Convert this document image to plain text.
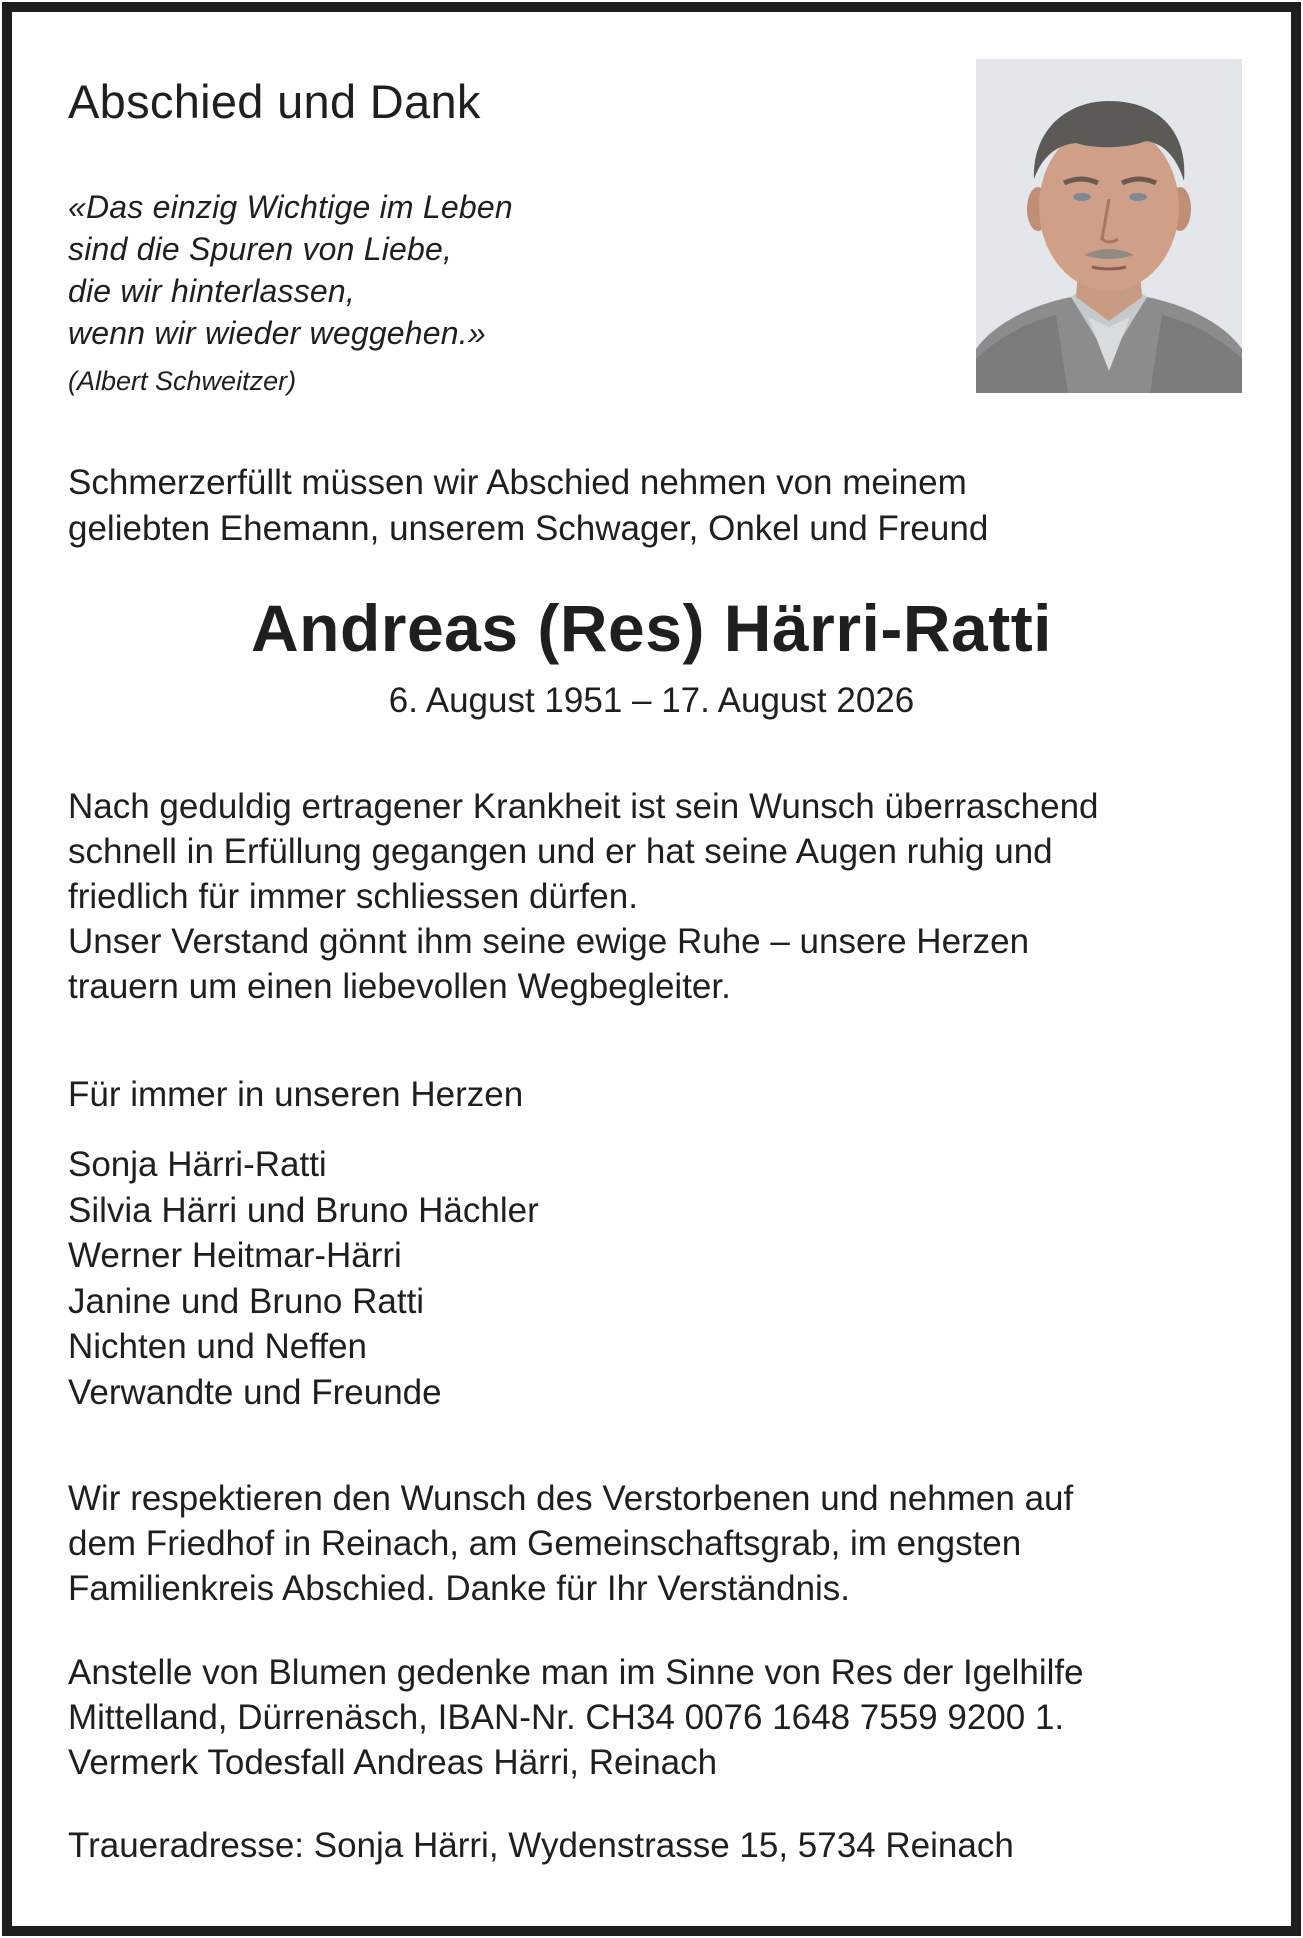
Abschied und Dank
«Das einzig Wichtige im Leben
sind die Spuren von Liebe,
die wir hinterlassen,
wenn wir wieder weggehen.»
(Albert Schweitzer)
Schmerzerfüllt müssen wir Abschied nehmen von meinem
geliebten Ehemann, unserem Schwager, Onkel und Freund
Andreas (Res) Härri-Ratti
6. August 1951 – 17. August 2026
Nach geduldig ertragener Krankheit ist sein Wunsch überraschend
schnell in Erfüllung gegangen und er hat seine Augen ruhig und
friedlich für immer schliessen dürfen.
Unser Verstand gönnt ihm seine ewige Ruhe – unsere Herzen
trauern um einen liebevollen Wegbegleiter.
Für immer in unseren Herzen
Sonja Härri-Ratti
Silvia Härri und Bruno Hächler
Werner Heitmar-Härri
Janine und Bruno Ratti
Nichten und Neffen
Verwandte und Freunde
Wir respektieren den Wunsch des Verstorbenen und nehmen auf
dem Friedhof in Reinach, am Gemeinschaftsgrab, im engsten
Familienkreis Abschied. Danke für Ihr Verständnis.
Anstelle von Blumen gedenke man im Sinne von Res der Igelhilfe
Mittelland, Dürrenäsch, IBAN-Nr. CH34 0076 1648 7559 9200 1.
Vermerk Todesfall Andreas Härri, Reinach
Traueradresse: Sonja Härri, Wydenstrasse 15, 5734 Reinach
